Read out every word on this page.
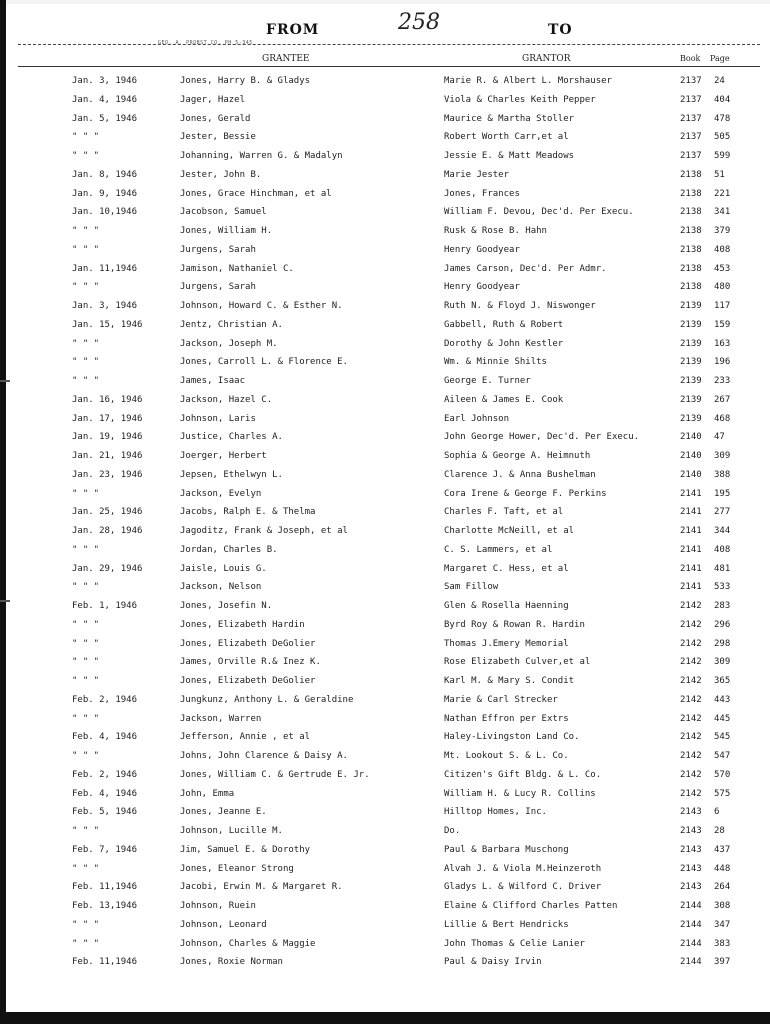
FROM	258	TO
GEO. A. PROBST CO. PH 5-345
GRANTEE	GRANTOR	Book Page
Jan. 3, 1946	Jones, Harry B. & Gladys	Marie R. & Albert L. Morshauser	2137 24
Jan. 4, 1946	Jager, Hazel	Viola & Charles Keith Pepper	2137 404
Jan. 5, 1946	Jones, Gerald	Maurice & Martha Stoller	2137 478
" " "	Jester, Bessie	Robert Worth Carr,et al	2137 505
" " "	Johanning, Warren G. & Madalyn	Jessie E. & Matt Meadows	2137 599
Jan. 8, 1946	Jester, John B.	Marie Jester	2138 51
Jan. 9, 1946	Jones, Grace Hinchman, et al	Jones, Frances	2138 221
Jan. 10,1946	Jacobson, Samuel	William F. Devou, Dec'd. Per Execu.	2138 341
" " "	Jones, William H.	Rusk & Rose B. Hahn	2138 379
" " "	Jurgens, Sarah	Henry Goodyear	2138 408
Jan. 11,1946	Jamison, Nathaniel C.	James Carson, Dec'd. Per Admr.	2138 453
" " "	Jurgens, Sarah	Henry Goodyear	2138 480
Jan. 3, 1946	Johnson, Howard C. & Esther N.	Ruth N. & Floyd J. Niswonger	2139 117
Jan. 15, 1946	Jentz, Christian A.	Gabbell, Ruth & Robert	2139 159
" " "	Jackson, Joseph M.	Dorothy & John Kestler	2139 163
" " "	Jones, Carroll L. & Florence E.	Wm. & Minnie Shilts	2139 196
" " "	James, Isaac	George E. Turner	2139 233
Jan. 16, 1946	Jackson, Hazel C.	Aileen & James E. Cook	2139 267
Jan. 17, 1946	Johnson, Laris	Earl Johnson	2139 468
Jan. 19, 1946	Justice, Charles A.	John George Hower, Dec'd. Per Execu.	2140 47
Jan. 21, 1946	Joerger, Herbert	Sophia & George A. Heimnuth	2140 309
Jan. 23, 1946	Jepsen, Ethelwyn L.	Clarence J. & Anna Bushelman	2140 388
" " "	Jackson, Evelyn	Cora Irene & George F. Perkins	2141 195
Jan. 25, 1946	Jacobs, Ralph E. & Thelma	Charles F. Taft, et al	2141 277
Jan. 28, 1946	Jagoditz, Frank & Joseph, et al	Charlotte McNeill, et al	2141 344
" " "	Jordan, Charles B.	C. S. Lammers, et al	2141 408
Jan. 29, 1946	Jaisle, Louis G.	Margaret C. Hess, et al	2141 481
" " "	Jackson, Nelson	Sam Fillow	2141 533
Feb. 1, 1946	Jones, Josefin N.	Glen & Rosella Haenning	2142 283
" " "	Jones, Elizabeth Hardin	Byrd Roy & Rowan R. Hardin	2142 296
" " "	Jones, Elizabeth DeGolier	Thomas J.Emery Memorial	2142 298
" " "	James, Orville R.& Inez K.	Rose Elizabeth Culver,et al	2142 309
" " "	Jones, Elizabeth DeGolier	Karl M. & Mary S. Condit	2142 365
Feb. 2, 1946	Jungkunz, Anthony L. & Geraldine	Marie & Carl Strecker	2142 443
" " "	Jackson, Warren	Nathan Effron per Extrs	2142 445
Feb. 4, 1946	Jefferson, Annie , et al	Haley-Livingston Land Co.	2142 545
" " "	Johns, John Clarence & Daisy A.	Mt. Lookout S. & L. Co.	2142 547
Feb. 2, 1946	Jones, William C. & Gertrude E. Jr.	Citizen's Gift Bldg. & L. Co.	2142 570
Feb. 4, 1946	John, Emma	William H. & Lucy R. Collins	2142 575
Feb. 5, 1946	Jones, Jeanne E.	Hilltop Homes, Inc.	2143 6
" " "	Johnson, Lucille M.	Do.	2143 28
Feb. 7, 1946	Jim, Samuel E. & Dorothy	Paul & Barbara Muschong	2143 437
" " "	Jones, Eleanor Strong	Alvah J. & Viola M.Heinzeroth	2143 448
Feb. 11,1946	Jacobi, Erwin M. & Margaret R.	Gladys L. & Wilford C. Driver	2143 264
Feb. 13,1946	Johnson, Ruein	Elaine & Clifford Charles Patten	2144 308
" " "	Johnson, Leonard	Lillie & Bert Hendricks	2144 347
" " "	Johnson, Charles & Maggie	John Thomas & Celie Lanier	2144 383
Feb. 11,1946	Jones, Roxie Norman	Paul & Daisy Irvin	2144 397
